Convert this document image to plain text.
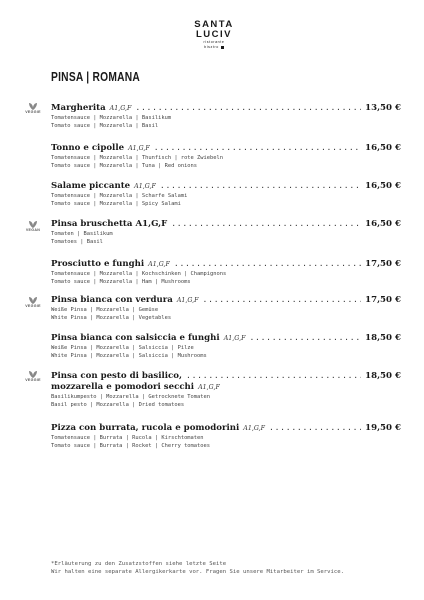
SANTA
LUCIV
ristorante
bisztro
PINSA | ROMANA
VEGGIE
VEGAN
VEGGIE
VEGGIE
Margherita A1,G,F .....	13,50 €
Tomatensauce | Mozzarella | Basilikum
Tomato sauce | Mozzarella | Basil
Tonno e cipolle A1,G,F .....	16,50 €
Tomatensauce | Mozzarella | Thunfisch | rote Zwiebeln
Tomato sauce | Mozzarella | Tuna | Red onions
Salame piccante A1,G,F .....	16,50 €
Tomatensauce | Mozzarella | Scharfe Salami
Tomato sauce | Mozzarella | Spicy Salami
Pinsa bruschetta A1,G,F .....	16,50 €
Tomaten | Basilikum
Tomatoes | Basil
Prosciutto e funghi A1,G,F .....	17,50 €
Tomatensauce | Mozzarella | Kochschinken | Champignons
Tomato sauce | Mozzarella | Ham | Mushrooms
Pinsa bianca con verdura A1,G,F .....	17,50 €
Weiße Pinsa | Mozzarella | Gemüse
White Pinsa | Mozzarella | Vegetables
Pinsa bianca con salsiccia e funghi A1,G,F .....	18,50 €
Weiße Pinsa | Mozzarella | Salsiccia | Pilze
White Pinsa | Mozzarella | Salsiccia | Mushrooms
Pinsa con pesto di basilico, .....	18,50 €
mozzarella e pomodori secchi A1,G,F
Basilikumpesto | Mozzarella | Getrocknete Tomaten
Basil pesto | Mozzarella | Dried tomatoes
Pizza con burrata, rucola e pomodorini A1,G,F .....	19,50 €
Tomatensauce | Burrata | Rucola | Kirschtomaten
Tomato sauce | Burrata | Rocket | Cherry tomatoes
*Erläuterung zu den Zusatzstoffen siehe letzte Seite
Wir halten eine separate Allergikerkarte vor. Fragen Sie unsere Mitarbeiter im Service.
